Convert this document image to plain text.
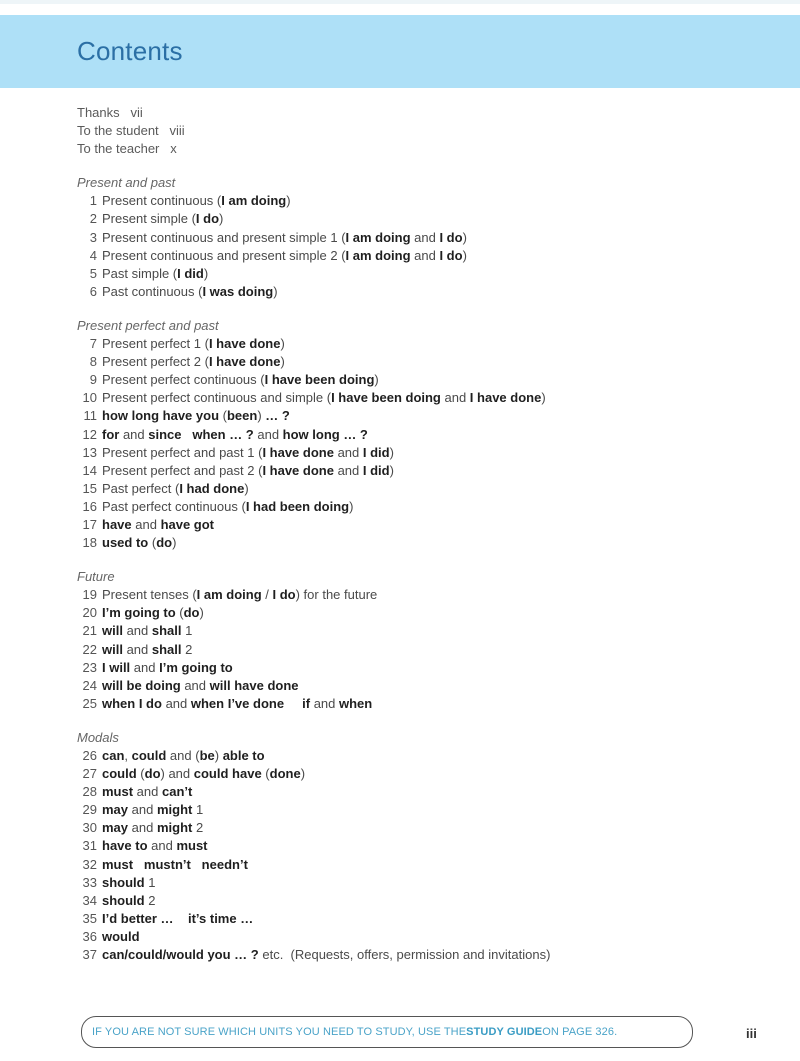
Contents
Thanks vii
To the student viii
To the teacher x
Present and past
1 Present continuous (I am doing)
2 Present simple (I do)
3 Present continuous and present simple 1 (I am doing and I do)
4 Present continuous and present simple 2 (I am doing and I do)
5 Past simple (I did)
6 Past continuous (I was doing)
Present perfect and past
7 Present perfect 1 (I have done)
8 Present perfect 2 (I have done)
9 Present perfect continuous (I have been doing)
10 Present perfect continuous and simple (I have been doing and I have done)
11 how long have you (been) … ?
12 for and since when … ? and how long … ?
13 Present perfect and past 1 (I have done and I did)
14 Present perfect and past 2 (I have done and I did)
15 Past perfect (I had done)
16 Past perfect continuous (I had been doing)
17 have and have got
18 used to (do)
Future
19 Present tenses (I am doing / I do) for the future
20 I’m going to (do)
21 will and shall 1
22 will and shall 2
23 I will and I’m going to
24 will be doing and will have done
25 when I do and when I’ve done if and when
Modals
26 can, could and (be) able to
27 could (do) and could have (done)
28 must and can’t
29 may and might 1
30 may and might 2
31 have to and must
32 must   mustn’t   needn’t
33 should 1
34 should 2
35 I’d better …    it’s time …
36 would
37 can/could/would you … ? etc.  (Requests, offers, permission and invitations)
IF YOU ARE NOT SURE WHICH UNITS YOU NEED TO STUDY, USE THE STUDY GUIDE ON PAGE 326.	iii
